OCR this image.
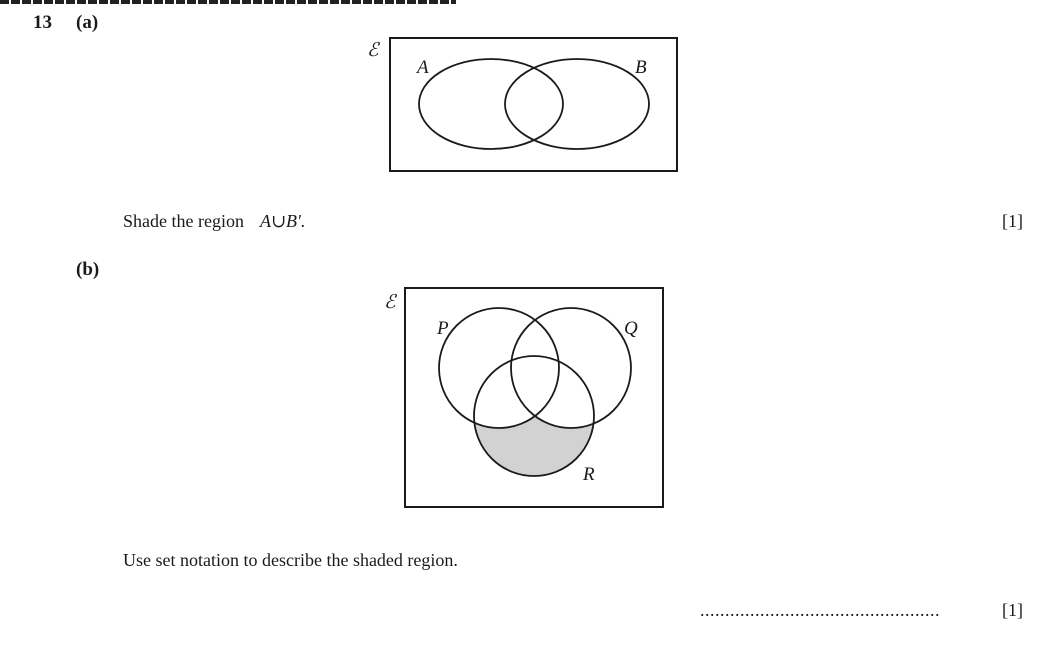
13 (a)
ℰ
A	B
Shade the region A∪B′.	[1]
(b)
ℰ
P	Q
R
Use set notation to describe the shaded region.
................................................	[1]
